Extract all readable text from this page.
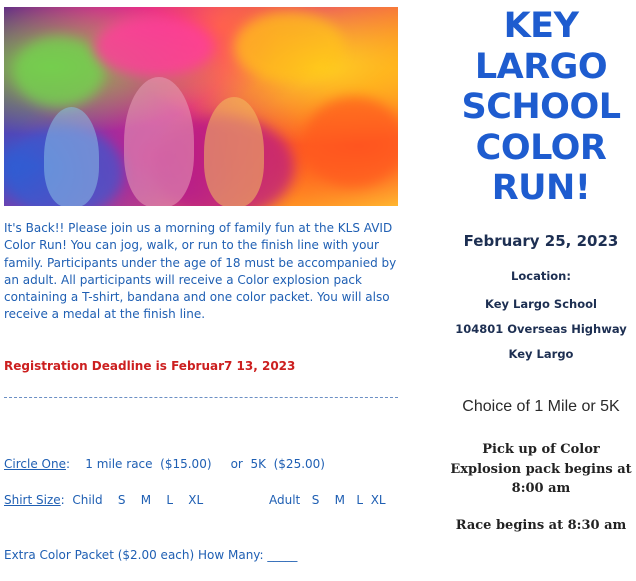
It's Back!! Please join us a morning of family fun at the KLS AVID Color Run! You can jog, walk, or run to the finish line with your family. Participants under the age of 18 must be accompanied by an adult. All participants will receive a Color explosion pack containing a T-shirt, bandana and one color packet. You will also receive a medal at the finish line.

Registration Deadline is Februar7 13, 2023

Circle One:    1 mile race  ($15.00)     or  5K  ($25.00)
Shirt Size:  Child    S    M    L    XL	Adult   S    M   L  XL
Extra Color Packet ($2.00 each) How Many: _____
KEY
LARGO
SCHOOL
COLOR
RUN!
February 25, 2023
Location:
Key Largo School
104801 Overseas Highway
Key Largo
Choice of 1 Mile or 5K
Pick up of Color Explosion pack begins at 8:00 am
Race begins at 8:30 am
